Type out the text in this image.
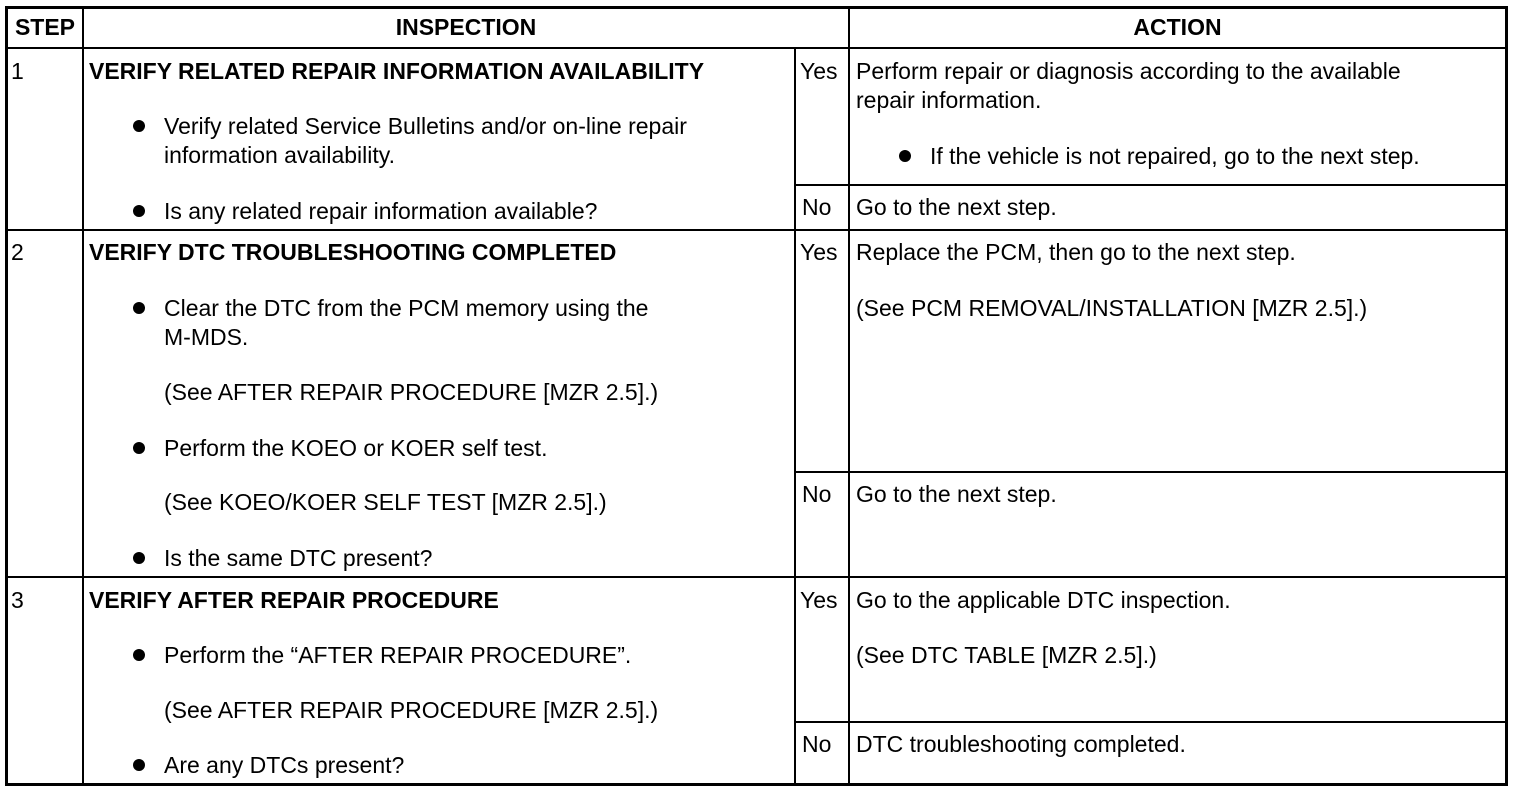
STEP	INSPECTION	ACTION
1	VERIFY RELATED REPAIR INFORMATION AVAILABILITY
Verify related Service Bulletins and/or on-line repair
information availability.
Is any related repair information available?
Yes Perform repair or diagnosis according to the available
repair information.
If the vehicle is not repaired, go to the next step.
No Go to the next step.
2	VERIFY DTC TROUBLESHOOTING COMPLETED
Clear the DTC from the PCM memory using the
M-MDS.
(See AFTER REPAIR PROCEDURE [MZR 2.5].)
Perform the KOEO or KOER self test.
(See KOEO/KOER SELF TEST [MZR 2.5].)
Is the same DTC present?
Yes Replace the PCM, then go to the next step.
(See PCM REMOVAL/INSTALLATION [MZR 2.5].)
No Go to the next step.
3	VERIFY AFTER REPAIR PROCEDURE
Perform the “AFTER REPAIR PROCEDURE”.
(See AFTER REPAIR PROCEDURE [MZR 2.5].)
Are any DTCs present?
Yes Go to the applicable DTC inspection.
(See DTC TABLE [MZR 2.5].)
No DTC troubleshooting completed.
